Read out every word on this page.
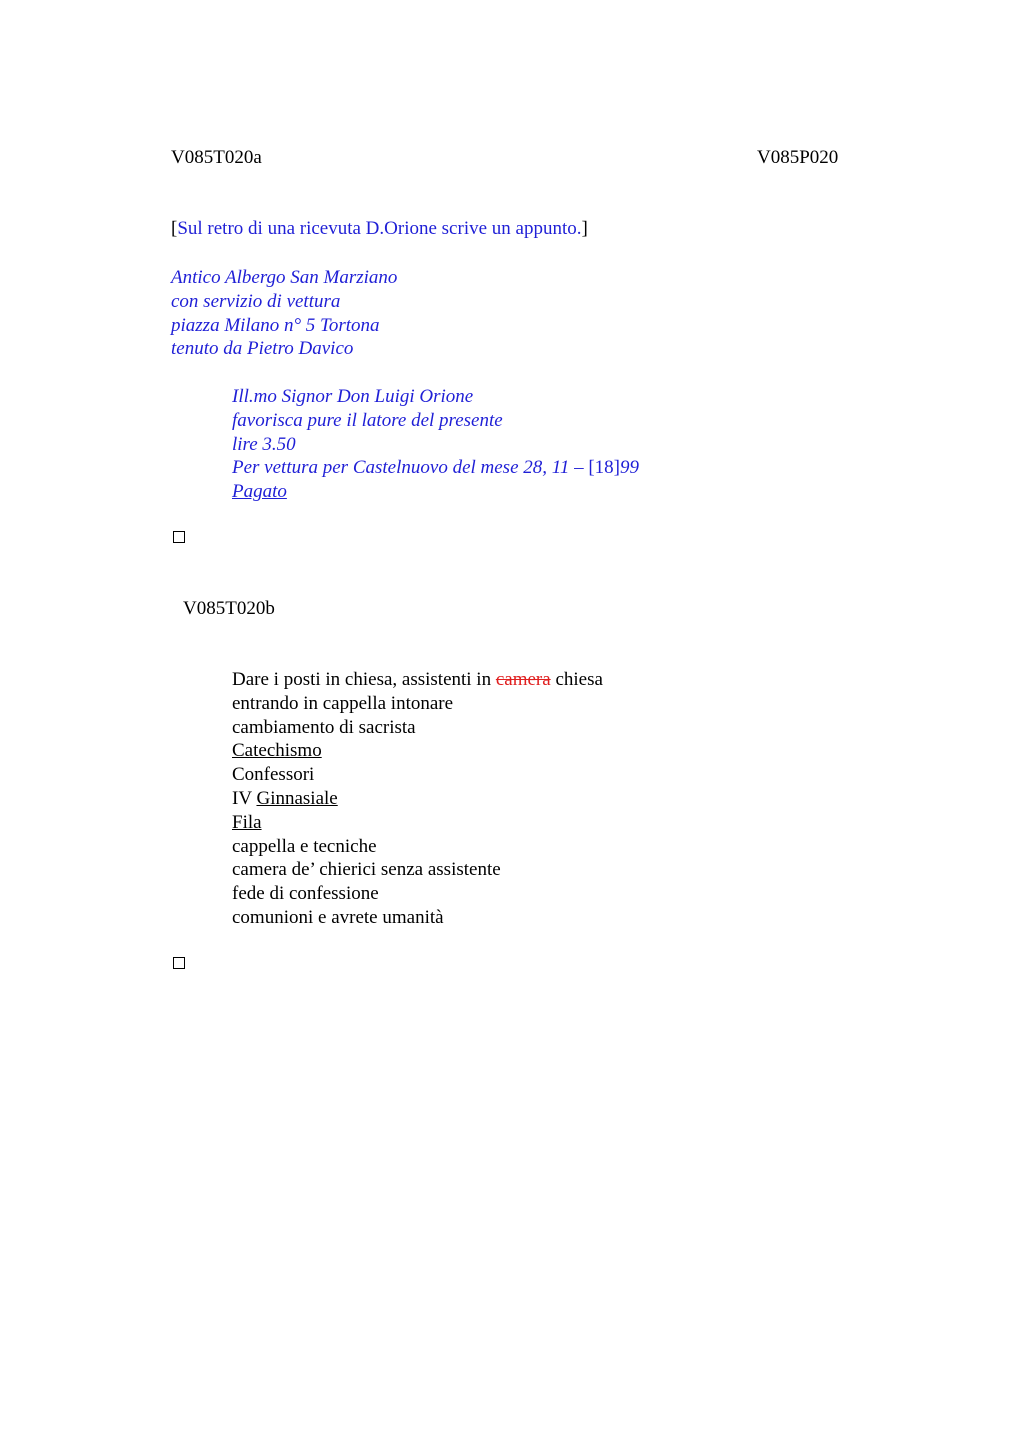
V085T020a	V085P020
[Sul retro di una ricevuta D.Orione scrive un appunto.]
Antico Albergo San Marziano
con servizio di vettura
piazza Milano n° 5 Tortona
tenuto da Pietro Davico
Ill.mo Signor Don Luigi Orione
favorisca pure il latore del presente
lire 3.50
Per vettura per Castelnuovo del mese 28, 11 – [18]99
Pagato
V085T020b
Dare i posti in chiesa, assistenti in camera chiesa
entrando in cappella intonare
cambiamento di sacrista
Catechismo
Confessori
IV Ginnasiale
Fila
cappella e tecniche
camera de’ chierici senza assistente
fede di confessione
comunioni e avrete umanità
